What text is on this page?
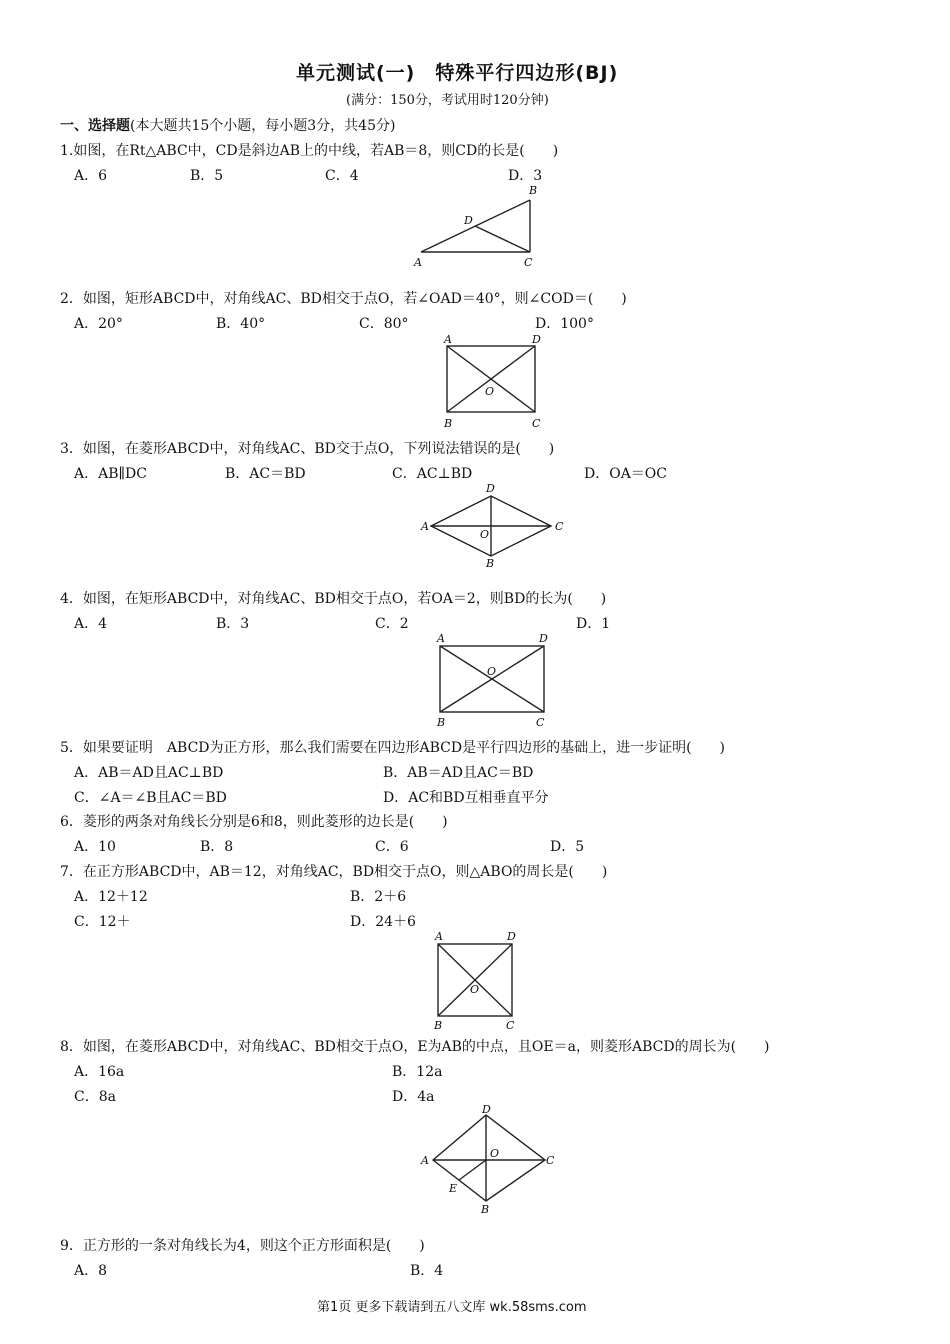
单元测试(一)　特殊平行四边形(BJ)
(满分：150分，考试用时120分钟)
一、选择题(本大题共15个小题，每小题3分，共45分)
1.如图，在Rt△ABC中，CD是斜边AB上的中线，若AB＝8，则CD的长是(　　)
A．6	B．5	C．4	D．3
A
B
C
D
2．如图，矩形ABCD中，对角线AC、BD相交于点O，若∠OAD＝40°，则∠COD＝(　　)
A．20°	B．40°	C．80°	D．100°
A	D
B	C
O
3．如图，在菱形ABCD中，对角线AC、BD交于点O，下列说法错误的是(　　)
A．AB∥DC	B．AC＝BD	C．AC⊥BD	D．OA＝OC
A
B
C
D
O
4．如图，在矩形ABCD中，对角线AC、BD相交于点O，若OA＝2，则BD的长为(　　)
A．4	B．3	C．2	D．1
A	D
B	C
O
5．如果要证明　ABCD为正方形，那么我们需要在四边形ABCD是平行四边形的基础上，进一步证明(　　)
A．AB＝AD且AC⊥BD	B．AB＝AD且AC＝BD
C．∠A＝∠B且AC＝BD	D．AC和BD互相垂直平分
6．菱形的两条对角线长分别是6和8，则此菱形的边长是(　　)
A．10	B．8	C．6	D．5
7．在正方形ABCD中，AB＝12，对角线AC，BD相交于点O，则△ABO的周长是(　　)
A．12＋12	B．2＋6
C．12＋	D．24＋6
A	D
B	C
O
8．如图，在菱形ABCD中，对角线AC、BD相交于点O，E为AB的中点，且OE＝a，则菱形ABCD的周长为(　　)
A．16a	B．12a
C．8a	D．4a
A
B
C
D
O
E
9．正方形的一条对角线长为4，则这个正方形面积是(　　)
A．8	B．4
第1页 更多下载请到五八文库 wk.58sms.com
